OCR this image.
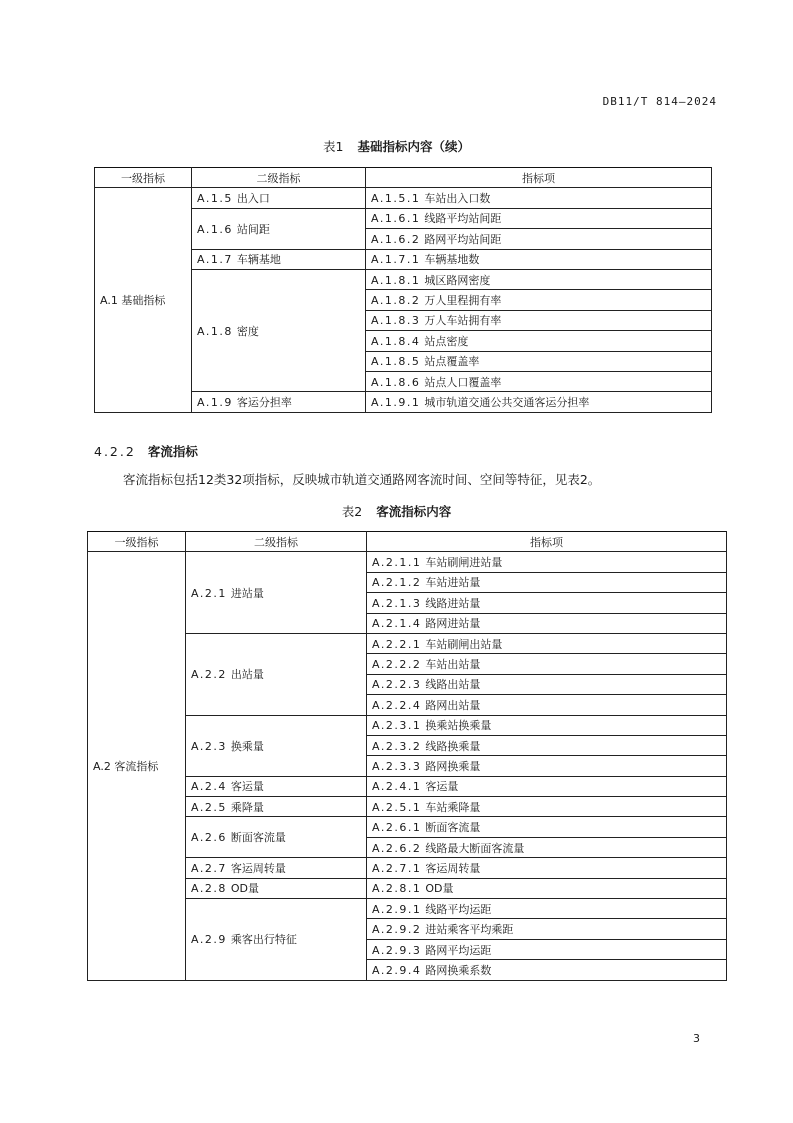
DB11/T 814—2024
表1 基础指标内容（续）
一级指标	二级指标	指标项
A.1 基础指标	A.1.5 出入口	A.1.5.1 车站出入口数
	A.1.6 站间距	A.1.6.1 线路平均站间距
		A.1.6.2 路网平均站间距
	A.1.7 车辆基地	A.1.7.1 车辆基地数
	A.1.8 密度	A.1.8.1 城区路网密度
		A.1.8.2 万人里程拥有率
		A.1.8.3 万人车站拥有率
		A.1.8.4 站点密度
		A.1.8.5 站点覆盖率
		A.1.8.6 站点人口覆盖率
	A.1.9 客运分担率	A.1.9.1 城市轨道交通公共交通客运分担率
4.2.2 客流指标
客流指标包括12类32项指标，反映城市轨道交通路网客流时间、空间等特征，见表2。
表2 客流指标内容
一级指标	二级指标	指标项
A.2 客流指标	A.2.1 进站量	A.2.1.1 车站刷闸进站量
		A.2.1.2 车站进站量
		A.2.1.3 线路进站量
		A.2.1.4 路网进站量
	A.2.2 出站量	A.2.2.1 车站刷闸出站量
		A.2.2.2 车站出站量
		A.2.2.3 线路出站量
		A.2.2.4 路网出站量
	A.2.3 换乘量	A.2.3.1 换乘站换乘量
		A.2.3.2 线路换乘量
		A.2.3.3 路网换乘量
	A.2.4 客运量	A.2.4.1 客运量
	A.2.5 乘降量	A.2.5.1 车站乘降量
	A.2.6 断面客流量	A.2.6.1 断面客流量
		A.2.6.2 线路最大断面客流量
	A.2.7 客运周转量	A.2.7.1 客运周转量
	A.2.8 OD量	A.2.8.1 OD量
	A.2.9 乘客出行特征	A.2.9.1 线路平均运距
		A.2.9.2 进站乘客平均乘距
		A.2.9.3 路网平均运距
		A.2.9.4 路网换乘系数
3
